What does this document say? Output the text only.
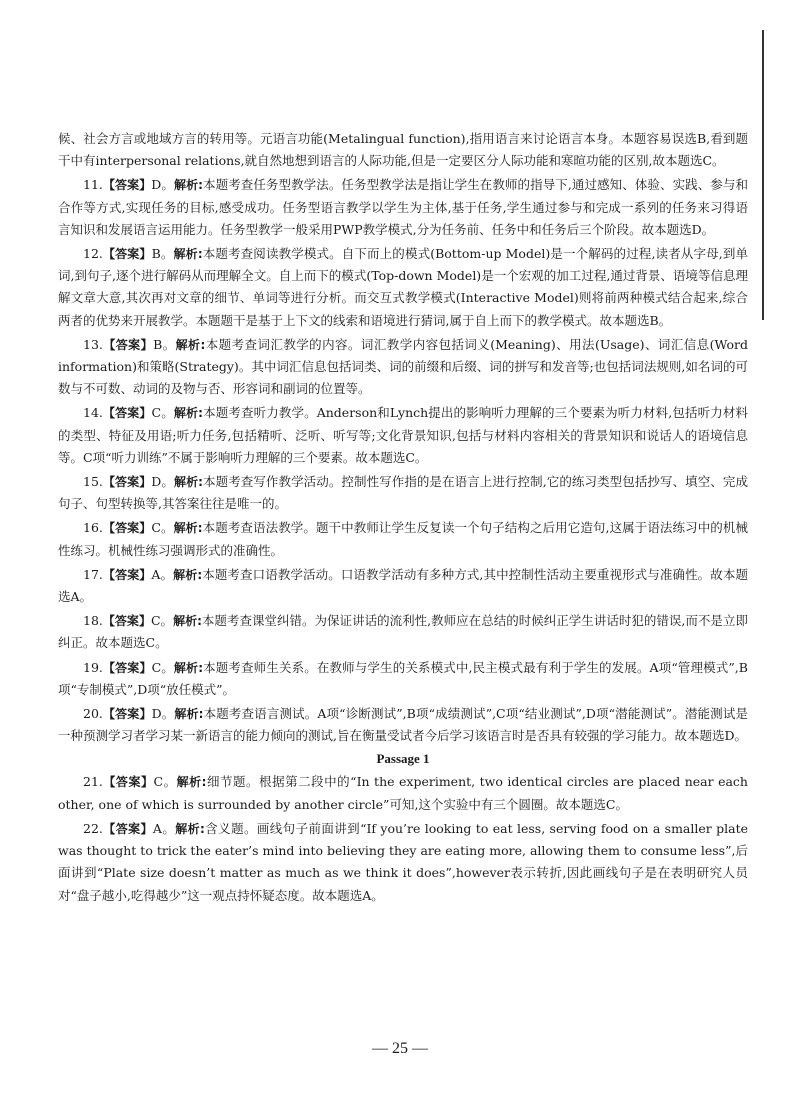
候、社会方言或地域方言的转用等。元语言功能(Metalingual function),指用语言来讨论语言本身。本题容易误选B,看到题干中有interpersonal relations,就自然地想到语言的人际功能,但是一定要区分人际功能和寒暄功能的区别,故本题选C。

11.【答案】D。解析:本题考查任务型教学法。任务型教学法是指让学生在教师的指导下,通过感知、体验、实践、参与和合作等方式,实现任务的目标,感受成功。任务型语言教学以学生为主体,基于任务,学生通过参与和完成一系列的任务来习得语言知识和发展语言运用能力。任务型教学一般采用PWP教学模式,分为任务前、任务中和任务后三个阶段。故本题选D。

12.【答案】B。解析:本题考查阅读教学模式。自下而上的模式(Bottom-up Model)是一个解码的过程,读者从字母,到单词,到句子,逐个进行解码从而理解全文。自上而下的模式(Top-down Model)是一个宏观的加工过程,通过背景、语境等信息理解文章大意,其次再对文章的细节、单词等进行分析。而交互式教学模式(Interactive Model)则将前两种模式结合起来,综合两者的优势来开展教学。本题题干是基于上下文的线索和语境进行猜词,属于自上而下的教学模式。故本题选B。

13.【答案】B。解析:本题考查词汇教学的内容。词汇教学内容包括词义(Meaning)、用法(Usage)、词汇信息(Word information)和策略(Strategy)。其中词汇信息包括词类、词的前缀和后缀、词的拼写和发音等;也包括词法规则,如名词的可数与不可数、动词的及物与否、形容词和副词的位置等。

14.【答案】C。解析:本题考查听力教学。Anderson和Lynch提出的影响听力理解的三个要素为听力材料,包括听力材料的类型、特征及用语;听力任务,包括精听、泛听、听写等;文化背景知识,包括与材料内容相关的背景知识和说话人的语境信息等。C项“听力训练”不属于影响听力理解的三个要素。故本题选C。

15.【答案】D。解析:本题考查写作教学活动。控制性写作指的是在语言上进行控制,它的练习类型包括抄写、填空、完成句子、句型转换等,其答案往往是唯一的。

16.【答案】C。解析:本题考查语法教学。题干中教师让学生反复读一个句子结构之后用它造句,这属于语法练习中的机械性练习。机械性练习强调形式的准确性。

17.【答案】A。解析:本题考查口语教学活动。口语教学活动有多种方式,其中控制性活动主要重视形式与准确性。故本题选A。

18.【答案】C。解析:本题考查课堂纠错。为保证讲话的流利性,教师应在总结的时候纠正学生讲话时犯的错误,而不是立即纠正。故本题选C。

19.【答案】C。解析:本题考查师生关系。在教师与学生的关系模式中,民主模式最有利于学生的发展。A项“管理模式”,B项“专制模式”,D项“放任模式”。

20.【答案】D。解析:本题考查语言测试。A项“诊断测试”,B项“成绩测试”,C项“结业测试”,D项“潜能测试”。潜能测试是一种预测学习者学习某一新语言的能力倾向的测试,旨在衡量受试者今后学习该语言时是否具有较强的学习能力。故本题选D。

Passage 1

21.【答案】C。解析:细节题。根据第二段中的“In the experiment, two identical circles are placed near each other, one of which is surrounded by another circle”可知,这个实验中有三个圆圈。故本题选C。

22.【答案】A。解析:含义题。画线句子前面讲到“If you’re looking to eat less, serving food on a smaller plate was thought to trick the eater’s mind into believing they are eating more, allowing them to consume less”,后面讲到“Plate size doesn’t matter as much as we think it does”,however表示转折,因此画线句子是在表明研究人员对“盘子越小,吃得越少”这一观点持怀疑态度。故本题选A。

— 25 —
